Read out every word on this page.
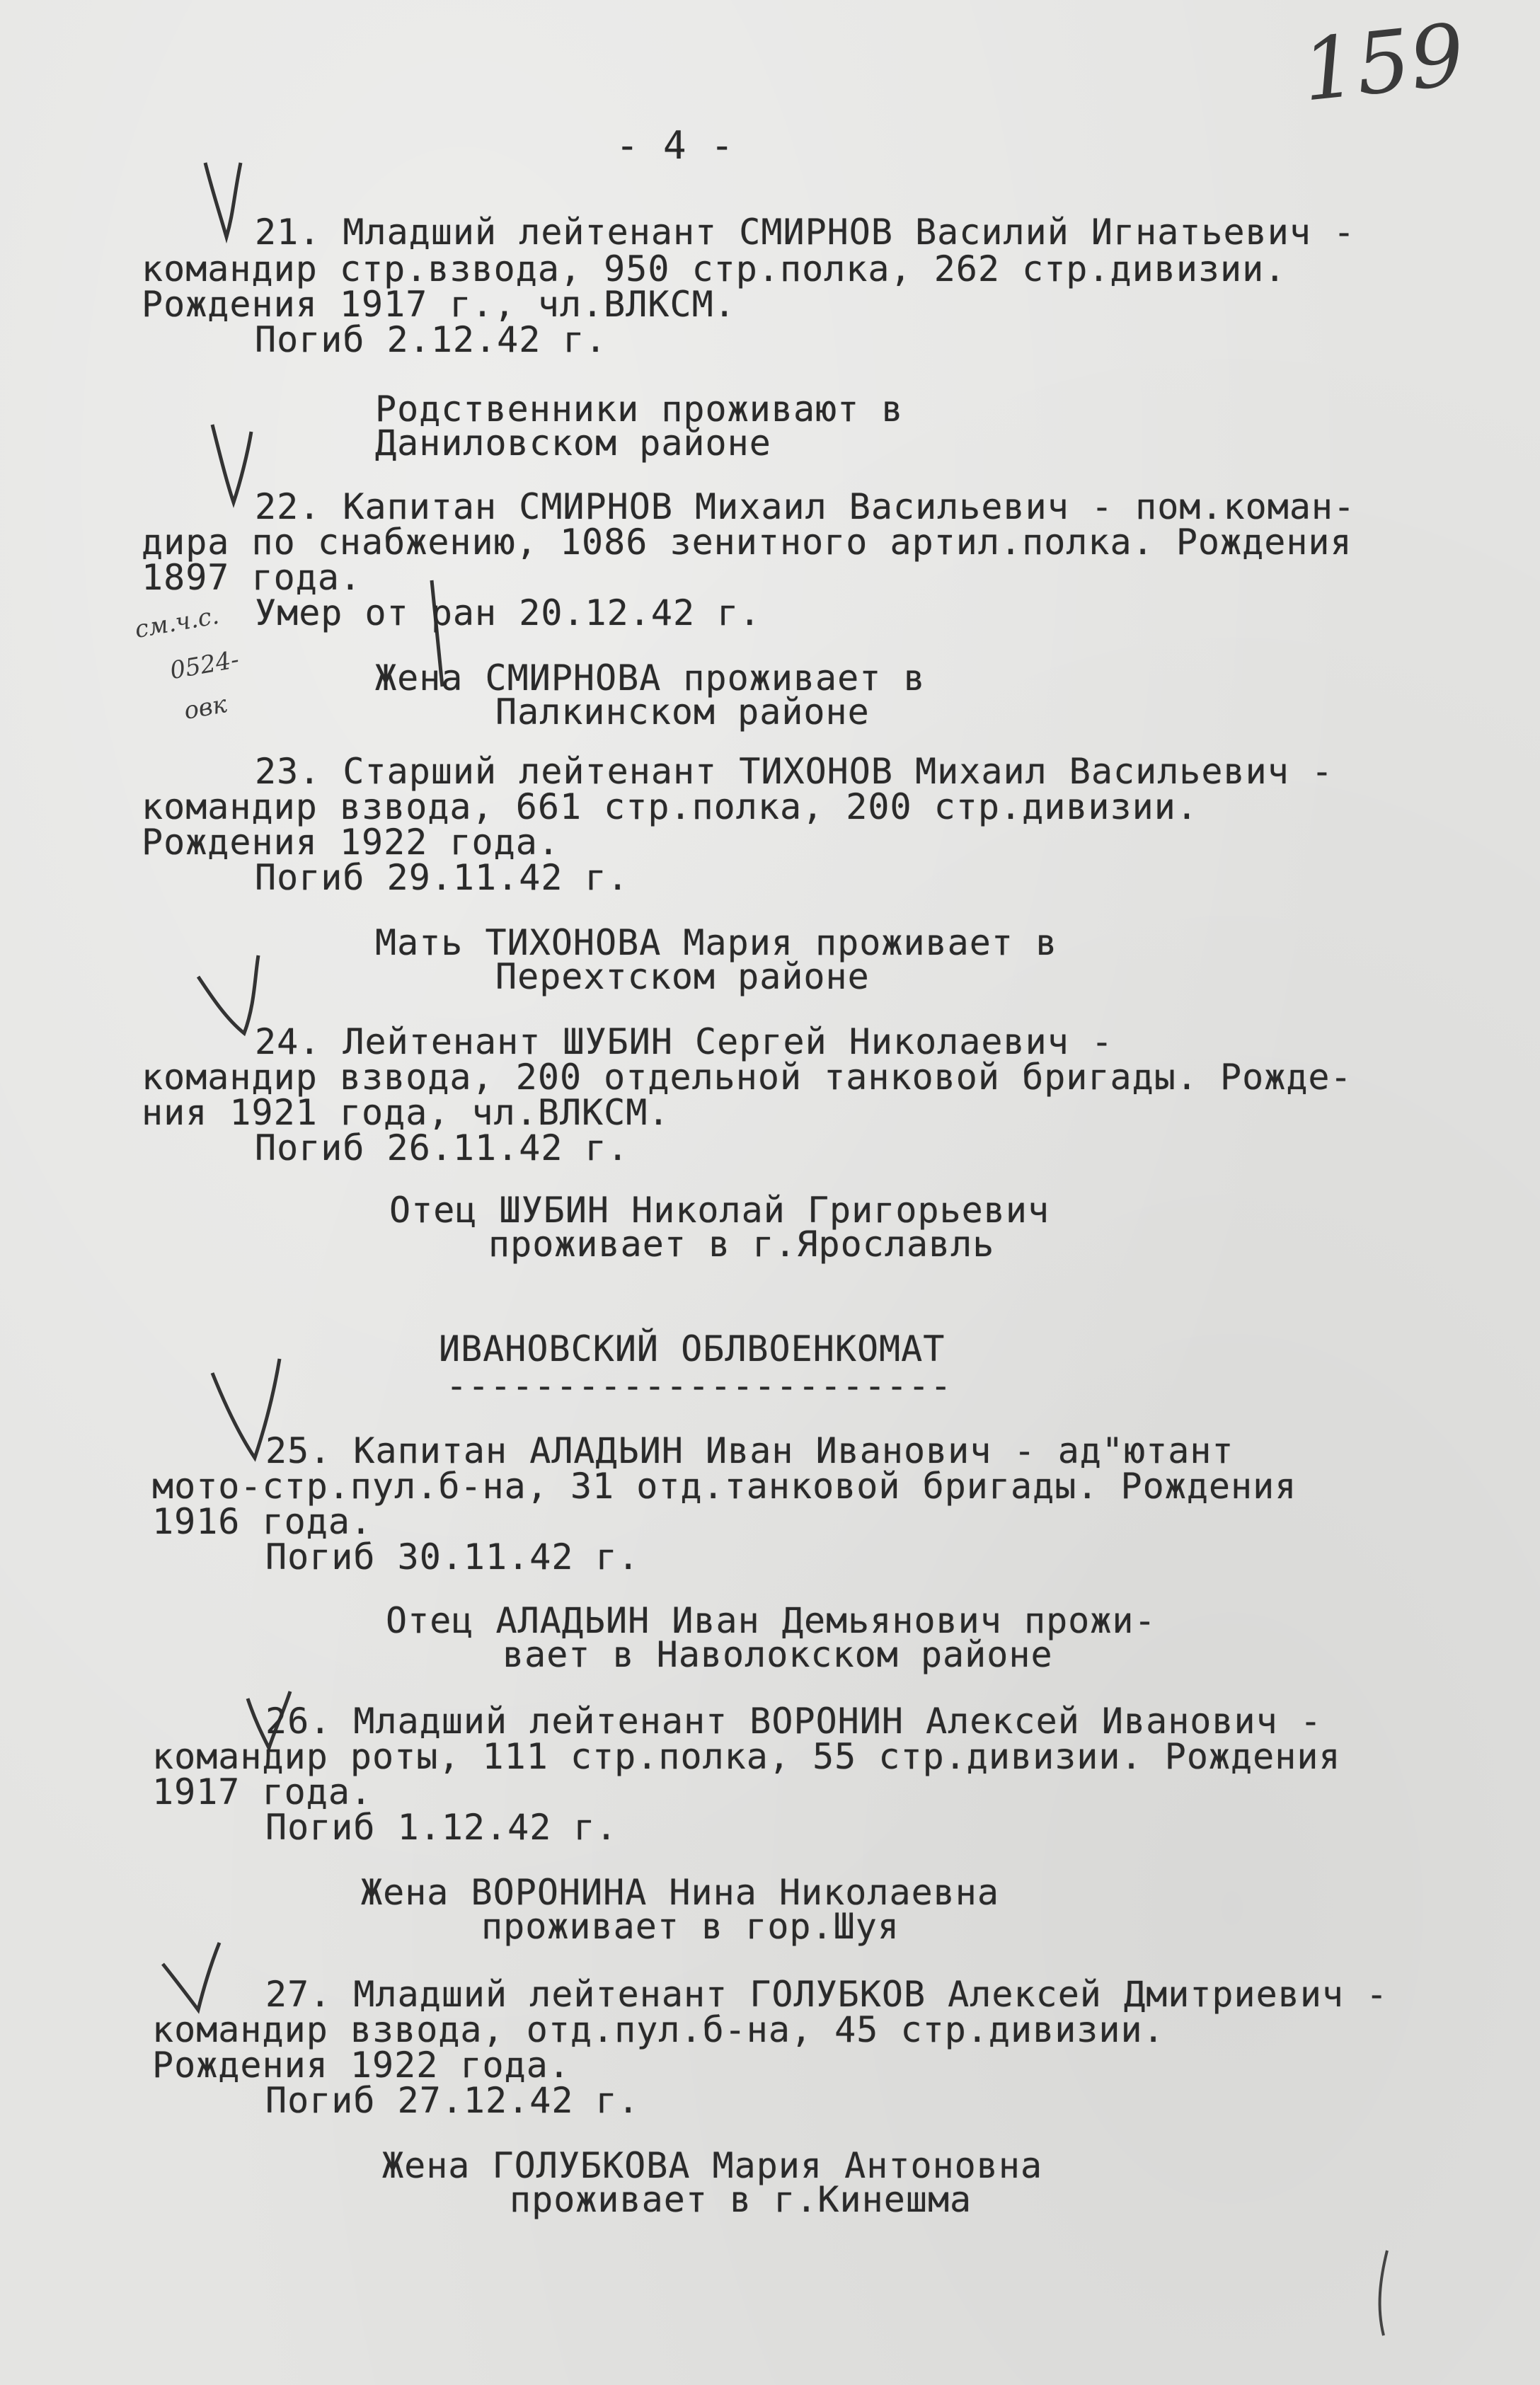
159
- 4 -
21. Младший лейтенант СМИРНОВ Василий Игнатьевич -
командир стр.взвода, 950 стр.полка, 262 стр.дивизии.
Рождения 1917 г., чл.ВЛКСМ.
Погиб 2.12.42 г.
Родственники проживают в
Даниловском районе
22. Капитан СМИРНОВ Михаил Васильевич - пом.коман-
дира по снабжению, 1086 зенитного артил.полка. Рождения
1897 года.
Умер от ран 20.12.42 г.
см.ч.с.
0524-
овк
Жена СМИРНОВА проживает в
Палкинском районе
23. Старший лейтенант ТИХОНОВ Михаил Васильевич -
командир взвода, 661 стр.полка, 200 стр.дивизии.
Рождения 1922 года.
Погиб 29.11.42 г.
Мать ТИХОНОВА Мария проживает в
Перехтском районе
24. Лейтенант ШУБИН Сергей Николаевич -
командир взвода, 200 отдельной танковой бригады. Рожде-
ния 1921 года, чл.ВЛКСМ.
Погиб 26.11.42 г.
Отец ШУБИН Николай Григорьевич
проживает в г.Ярославль
ИВАНОВСКИЙ ОБЛВОЕНКОМАТ
-----------------------
25. Капитан АЛАДЬИН Иван Иванович - ад"ютант
мото-стр.пул.б-на, 31 отд.танковой бригады. Рождения
1916 года.
Погиб 30.11.42 г.
Отец АЛАДЬИН Иван Демьянович прожи-
вает в Наволокском районе
26. Младший лейтенант ВОРОНИН Алексей Иванович -
командир роты, 111 стр.полка, 55 стр.дивизии. Рождения
1917 года.
Погиб 1.12.42 г.
Жена ВОРОНИНА Нина Николаевна
проживает в гор.Шуя
27. Младший лейтенант ГОЛУБКОВ Алексей Дмитриевич -
командир взвода, отд.пул.б-на, 45 стр.дивизии.
Рождения 1922 года.
Погиб 27.12.42 г.
Жена ГОЛУБКОВА Мария Антоновна
проживает в г.Кинешма
